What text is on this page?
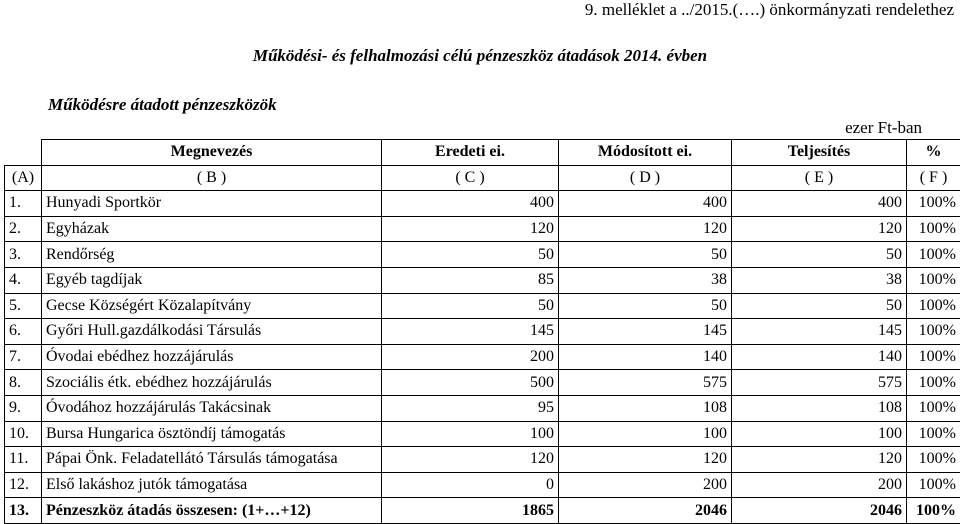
9. melléklet a ../2015.(….) önkormányzati rendelethez
Működési- és felhalmozási célú pénzeszköz átadások 2014. évben
Működésre átadott pénzeszközök
ezer Ft-ban
	Megnevezés	Eredeti ei.	Módosított ei.	Teljesítés	%
(A)	( B )	( C )	( D )	( E )	( F )
1.	Hunyadi Sportkör	400	400	400	100%
2.	Egyházak	120	120	120	100%
3.	Rendőrség	50	50	50	100%
4.	Egyéb tagdíjak	85	38	38	100%
5.	Gecse Községért Közalapítvány	50	50	50	100%
6.	Győri Hull.gazdálkodási Társulás	145	145	145	100%
7.	Óvodai ebédhez hozzájárulás	200	140	140	100%
8.	Szociális étk. ebédhez hozzájárulás	500	575	575	100%
9.	Óvodához hozzájárulás Takácsinak	95	108	108	100%
10.	Bursa Hungarica ösztöndíj támogatás	100	100	100	100%
11.	Pápai Önk. Feladatellátó Társulás támogatása	120	120	120	100%
12.	Első lakáshoz jutók támogatása	0	200	200	100%
13.	Pénzeszköz átadás összesen: (1+…+12)	1865	2046	2046	100%
